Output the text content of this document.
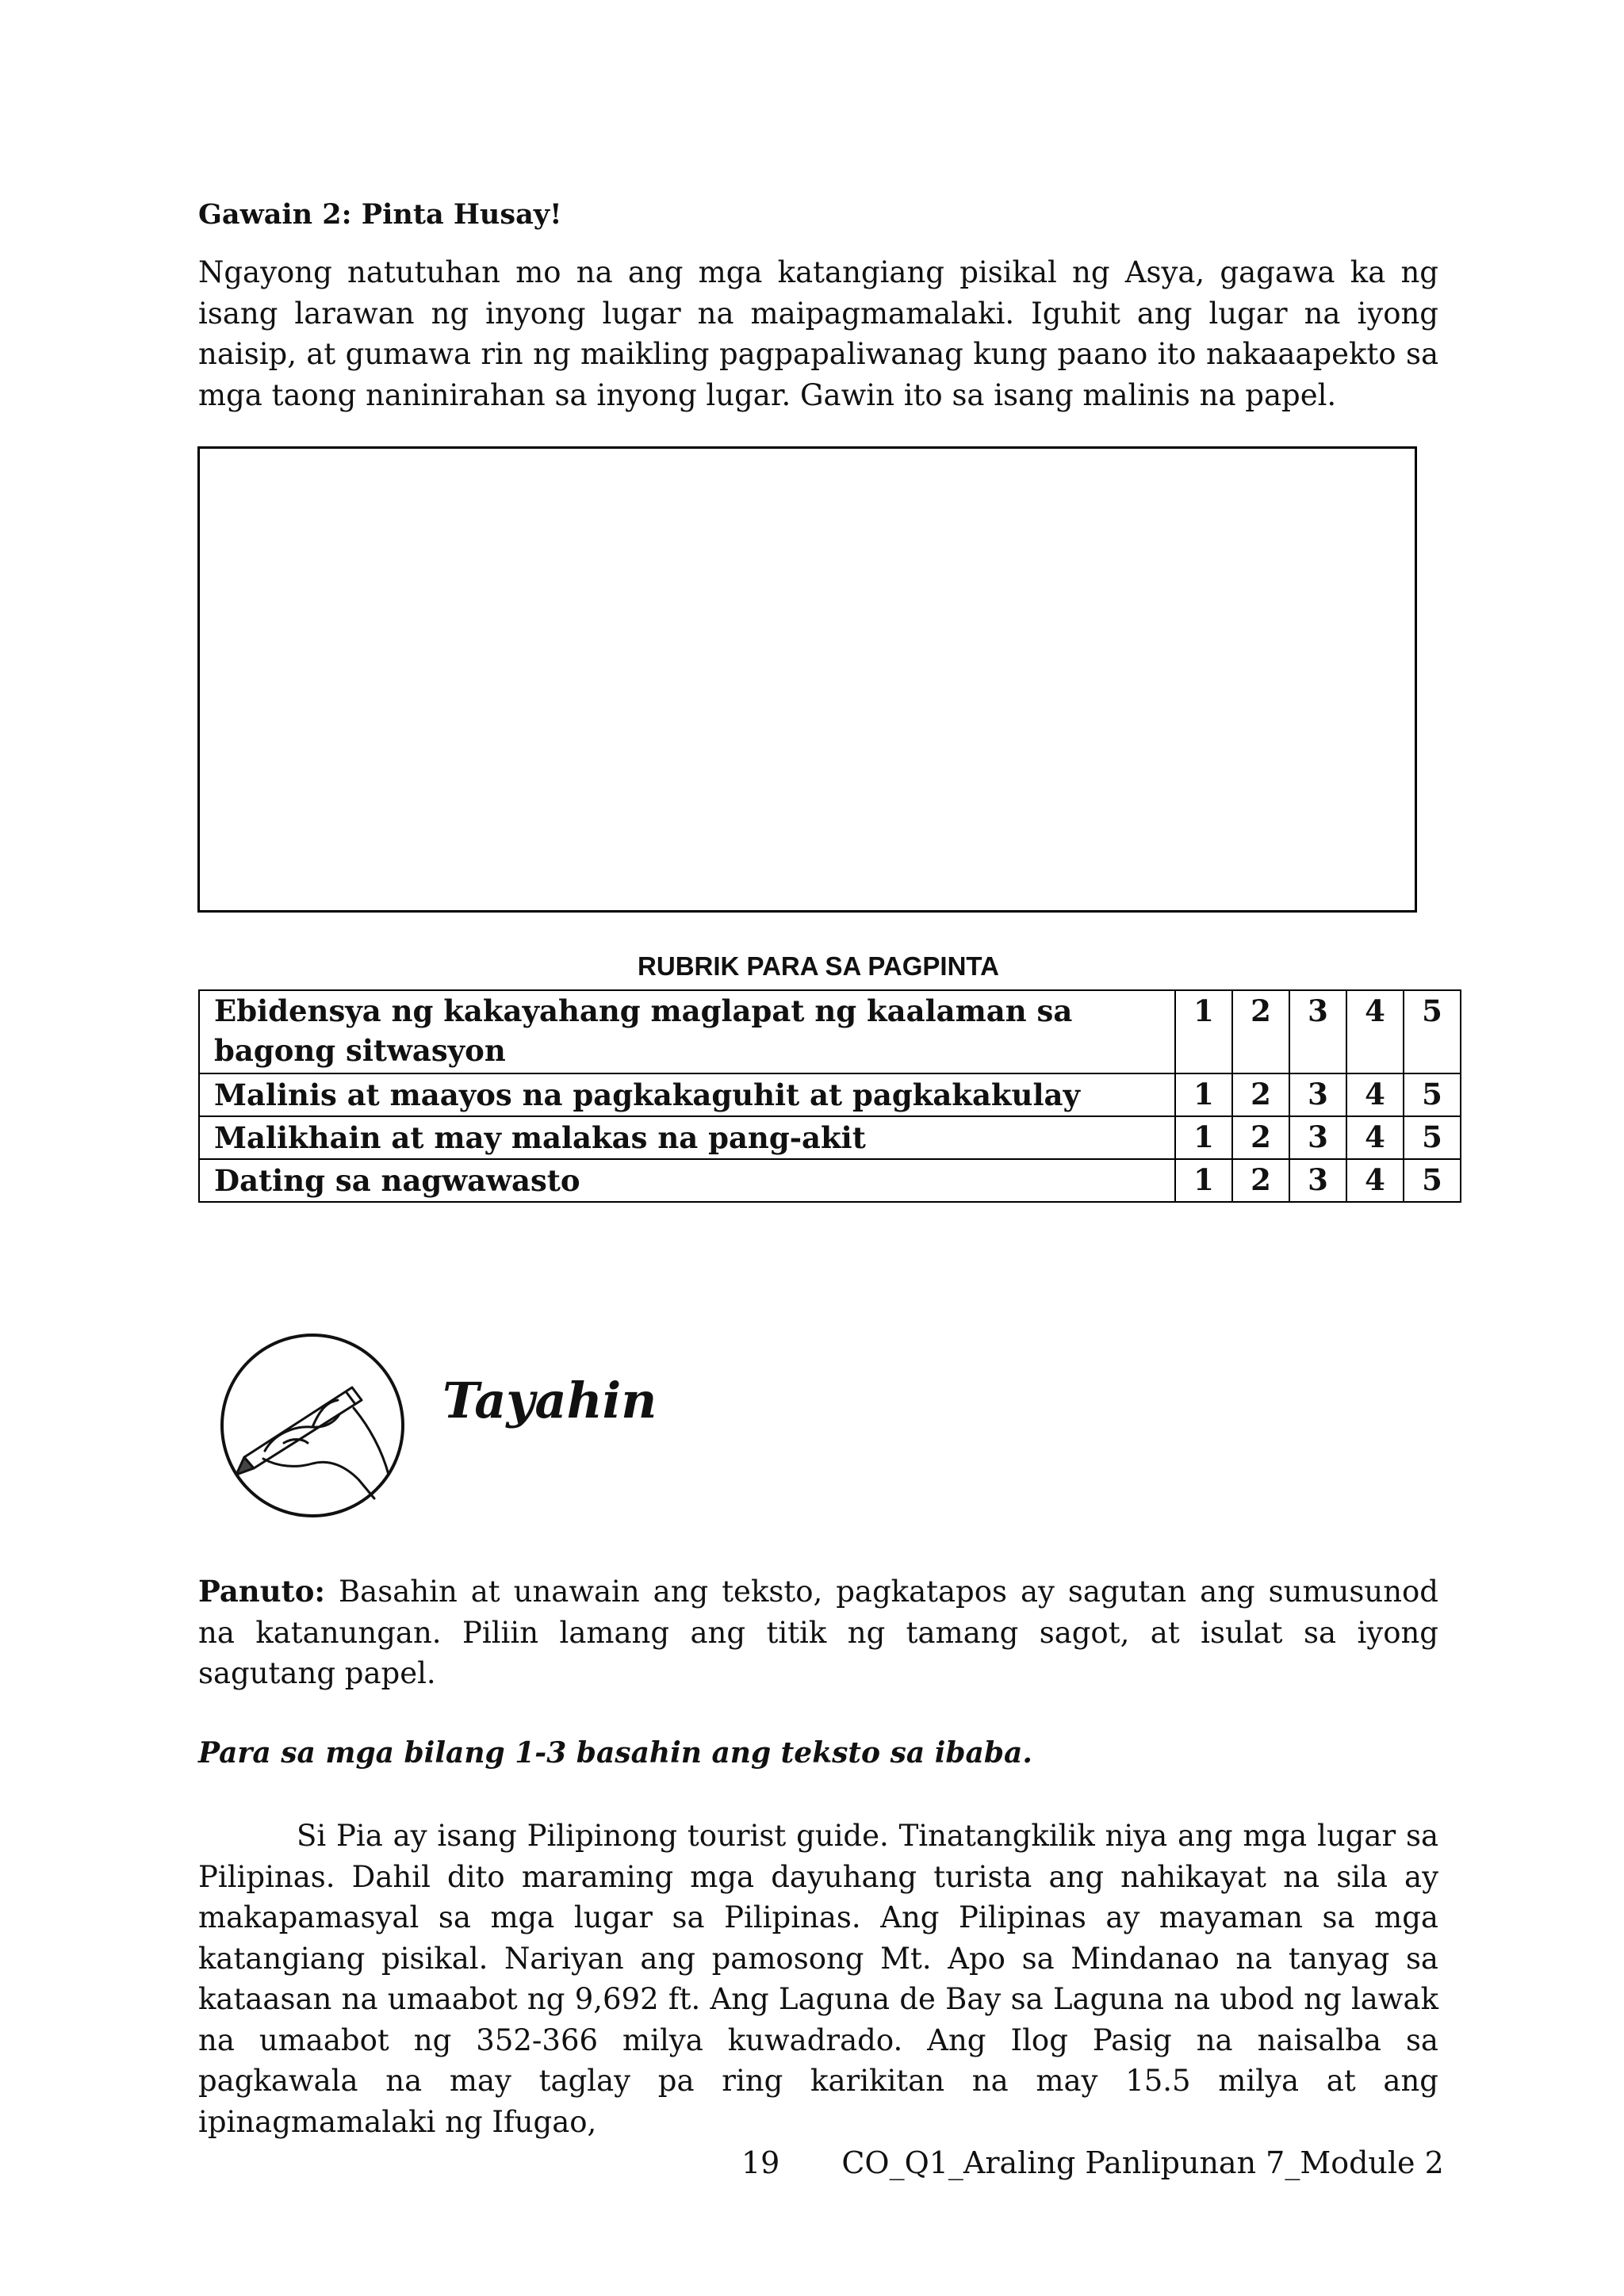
Gawain 2: Pinta Husay!
Ngayong natutuhan mo na ang mga katangiang pisikal ng Asya, gagawa ka ng isang larawan ng inyong lugar na maipagmamalaki. Iguhit ang lugar na iyong naisip, at gumawa rin ng maikling pagpapaliwanag kung paano ito nakaaapekto sa mga taong naninirahan sa inyong lugar. Gawin ito sa isang malinis na papel.
RUBRIK PARA SA PAGPINTA
Ebidensya ng kakayahang maglapat ng kaalaman sa bagong sitwasyon	1	2	3	4	5
Malinis at maayos na pagkakaguhit at pagkakakulay	1	2	3	4	5
Malikhain at may malakas na pang-akit	1	2	3	4	5
Dating sa nagwawasto	1	2	3	4	5
Tayahin
Panuto: Basahin at unawain ang teksto, pagkatapos ay sagutan ang sumusunod na katanungan. Piliin lamang ang titik ng tamang sagot, at isulat sa iyong sagutang papel.
Para sa mga bilang 1-3 basahin ang teksto sa ibaba.
Si Pia ay isang Pilipinong tourist guide. Tinatangkilik niya ang mga lugar sa Pilipinas. Dahil dito maraming mga dayuhang turista ang nahikayat na sila ay makapamasyal sa mga lugar sa Pilipinas. Ang Pilipinas ay mayaman sa mga katangiang pisikal. Nariyan ang pamosong Mt. Apo sa Mindanao na tanyag sa kataasan na umaabot ng 9,692 ft. Ang Laguna de Bay sa Laguna na ubod ng lawak na umaabot ng 352-366 milya kuwadrado. Ang Ilog Pasig na naisalba sa pagkawala na may taglay pa ring karikitan na may 15.5 milya at ang ipinagmamalaki ng Ifugao,
19 CO_Q1_Araling Panlipunan 7_Module 2
